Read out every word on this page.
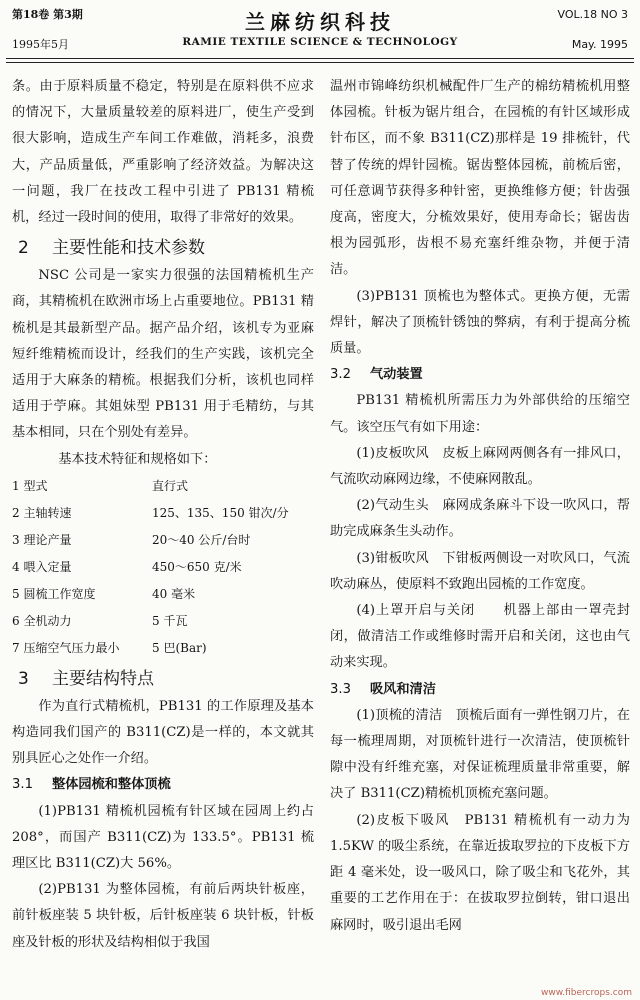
第18卷 第3期
1995年5月
兰麻纺织科技
RAMIE TEXTILE SCIENCE & TECHNOLOGY
VOL.18 NO 3
May. 1995

条。由于原料质量不稳定，特别是在原料供不应求的情况下，大量质量较差的原料进厂，使生产受到很大影响，造成生产车间工作难做，消耗多，浪费大，产品质量低，严重影响了经济效益。为解决这一问题，我厂在技改工程中引进了 PB131 精梳机，经过一段时间的使用，取得了非常好的效果。

2 主要性能和技术参数

NSC 公司是一家实力很强的法国精梳机生产商，其精梳机在欧洲市场上占重要地位。PB131 精梳机是其最新型产品。据产品介绍，该机专为亚麻短纤维精梳而设计，经我们的生产实践，该机完全适用于大麻条的精梳。根据我们分析，该机也同样适用于苧麻。其姐妹型 PB131 用于毛精纺，与其基本相同，只在个别处有差异。

基本技术特征和规格如下：

1 型式	直行式
2 主轴转速	125、135、150 钳次/分
3 理论产量	20～40 公斤/台时
4 喂入定量	450～650 克/米
5 圆梳工作宽度	40 毫米
6 全机动力	5 千瓦
7 压缩空气压力最小	5 巴(Bar)
3 主要结构特点

作为直行式精梳机，PB131 的工作原理及基本构造同我们国产的 B311(CZ)是一样的，本文就其别具匠心之处作一介绍。

3.1 整体园梳和整体顶梳

(1)PB131 精梳机园梳有针区域在园周上约占 208°，而国产 B311(CZ)为 133.5°。PB131 梳理区比 B311(CZ)大 56%。

(2)PB131 为整体园梳，有前后两块针板座，前针板座装 5 块针板，后针板座装 6 块针板，针板座及针板的形状及结构相似于我国

温州市锦峰纺织机械配件厂生产的棉纺精梳机用整体园梳。针板为锯片组合，在园梳的有针区域形成针布区，而不象 B311(CZ)那样是 19 排梳针，代替了传统的焊针园梳。锯齿整体园梳，前梳后密，可任意调节获得多种针密，更换维修方便；针齿强度高，密度大，分梳效果好，使用寿命长；锯齿齿根为园弧形，齿根不易充塞纤维杂物，并便于清洁。

(3)PB131 顶梳也为整体式。更换方便，无需焊针，解决了顶梳针锈蚀的弊病，有利于提高分梳质量。

3.2 气动装置

PB131 精梳机所需压力为外部供给的压缩空气。该空压气有如下用途：

(1)皮板吹风　皮板上麻网两侧各有一排风口，气流吹动麻网边缘，不使麻网散乱。

(2)气动生头　麻网成条麻斗下设一吹风口，帮助完成麻条生头动作。

(3)钳板吹风　下钳板两侧设一对吹风口，气流吹动麻丛，使原料不致跑出园梳的工作宽度。

(4)上罩开启与关闭　　机器上部由一罩壳封闭，做清洁工作或维修时需开启和关闭，这也由气动来实现。

3.3 吸风和清洁

(1)顶梳的清洁　顶梳后面有一弹性钢刀片，在每一梳理周期，对顶梳针进行一次清洁，使顶梳针隙中没有纤维充塞，对保证梳理质量非常重要，解决了 B311(CZ)精梳机顶梳充塞问题。

(2)皮板下吸风　PB131 精梳机有一动力为 1.5KW 的吸尘系统，在靠近拔取罗拉的下皮板下方距 4 毫米处，设一吸风口，除了吸尘和飞花外，其重要的工艺作用在于：在拔取罗拉倒转，钳口退出麻网时，吸引退出毛网

www.fibercrops.com
